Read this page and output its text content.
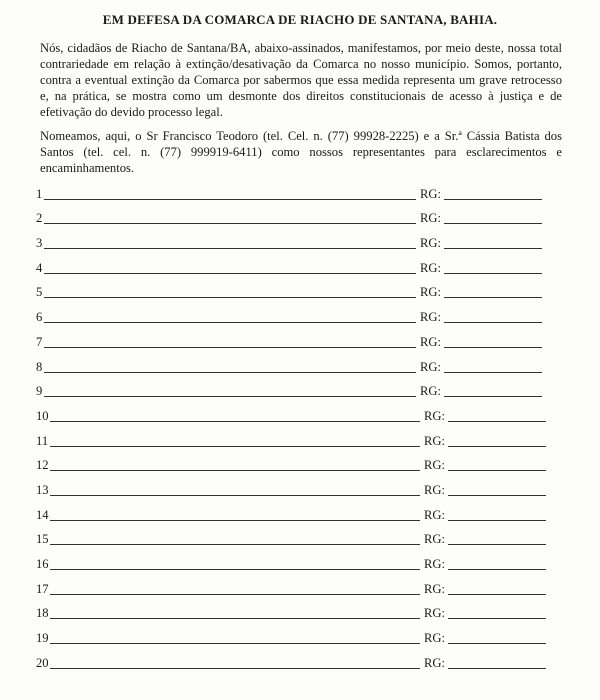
EM DEFESA DA COMARCA DE RIACHO DE SANTANA, BAHIA.

Nós, cidadãos de Riacho de Santana/BA, abaixo-assinados, manifestamos, por meio deste, nossa total contrariedade em relação à extinção/desativação da Comarca no nosso município. Somos, portanto, contra a eventual extinção da Comarca por sabermos que essa medida representa um grave retrocesso e, na prática, se mostra como um desmonte dos direitos constitucionais de acesso à justiça e de efetivação do devido processo legal.

Nomeamos, aqui, o Sr Francisco Teodoro (tel. Cel. n. (77) 99928-2225) e a Sr.ª Cássia Batista dos Santos (tel. cel. n. (77) 999919-6411) como nossos representantes para esclarecimentos e encaminhamentos.

1	RG:
2	RG:
3	RG:
4	RG:
5	RG:
6	RG:
7	RG:
8	RG:
9	RG:
10	RG:
11	RG:
12	RG:
13	RG:
14	RG:
15	RG:
16	RG:
17	RG:
18	RG:
19	RG:
20	RG:
